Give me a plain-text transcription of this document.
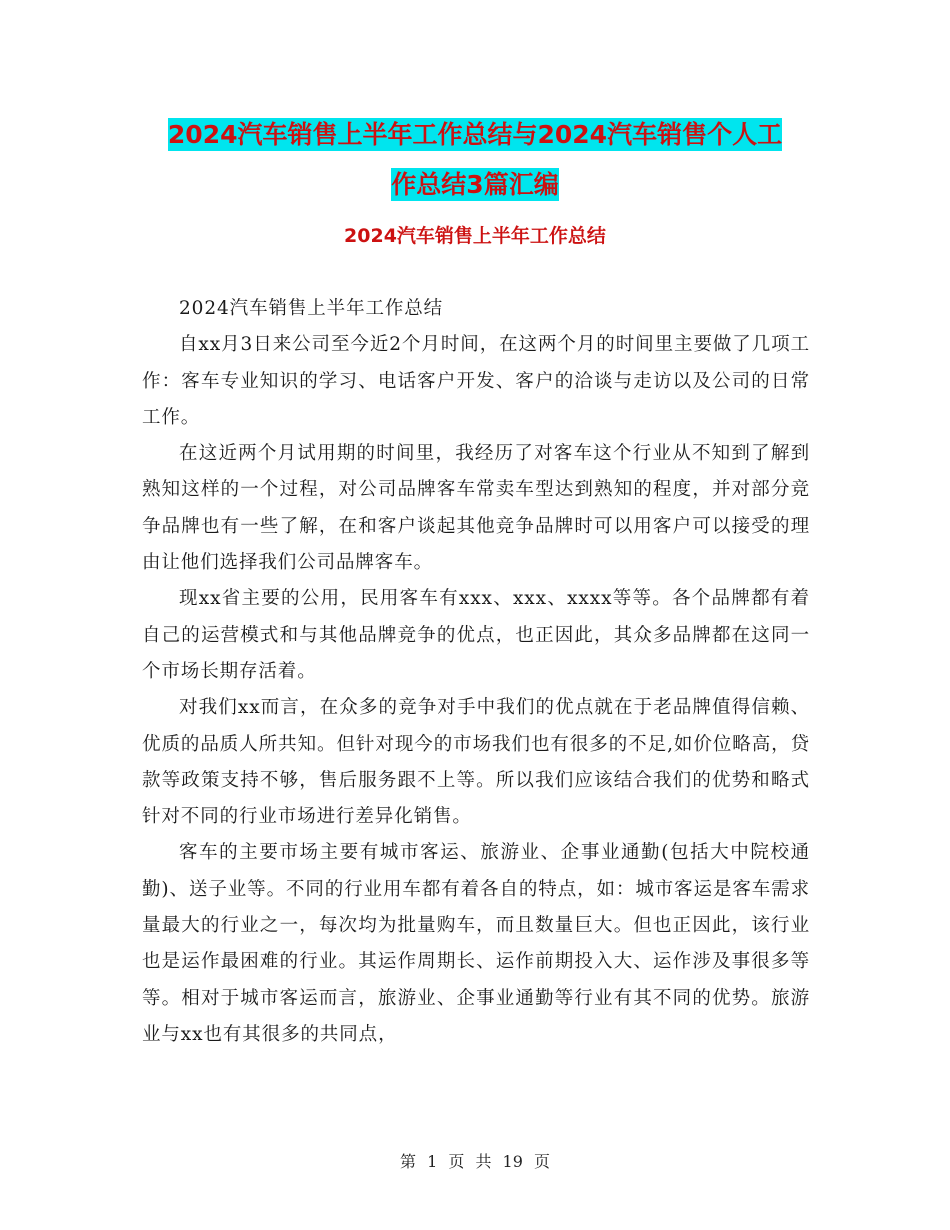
2024汽车销售上半年工作总结与2024汽车销售个人工
作总结3篇汇编
2024汽车销售上半年工作总结

2024汽车销售上半年工作总结

自xx月3日来公司至今近2个月时间，在这两个月的时间里主要做了几项工作：客车专业知识的学习、电话客户开发、客户的洽谈与走访以及公司的日常工作。

在这近两个月试用期的时间里，我经历了对客车这个行业从不知到了解到熟知这样的一个过程，对公司品牌客车常卖车型达到熟知的程度，并对部分竞争品牌也有一些了解，在和客户谈起其他竞争品牌时可以用客户可以接受的理由让他们选择我们公司品牌客车。

现xx省主要的公用，民用客车有xxx、xxx、xxxx等等。各个品牌都有着自己的运营模式和与其他品牌竞争的优点，也正因此，其众多品牌都在这同一个市场长期存活着。

对我们xx而言，在众多的竞争对手中我们的优点就在于老品牌值得信赖、优质的品质人所共知。但针对现今的市场我们也有很多的不足,如价位略高，贷款等政策支持不够，售后服务跟不上等。所以我们应该结合我们的优势和略式针对不同的行业市场进行差异化销售。

客车的主要市场主要有城市客运、旅游业、企事业通勤(包括大中院校通勤)、送子业等。不同的行业用车都有着各自的特点，如：城市客运是客车需求量最大的行业之一，每次均为批量购车，而且数量巨大。但也正因此，该行业也是运作最困难的行业。其运作周期长、运作前期投入大、运作涉及事很多等等。相对于城市客运而言，旅游业、企事业通勤等行业有其不同的优势。旅游业与xx也有其很多的共同点，

第 1 页 共 19 页
